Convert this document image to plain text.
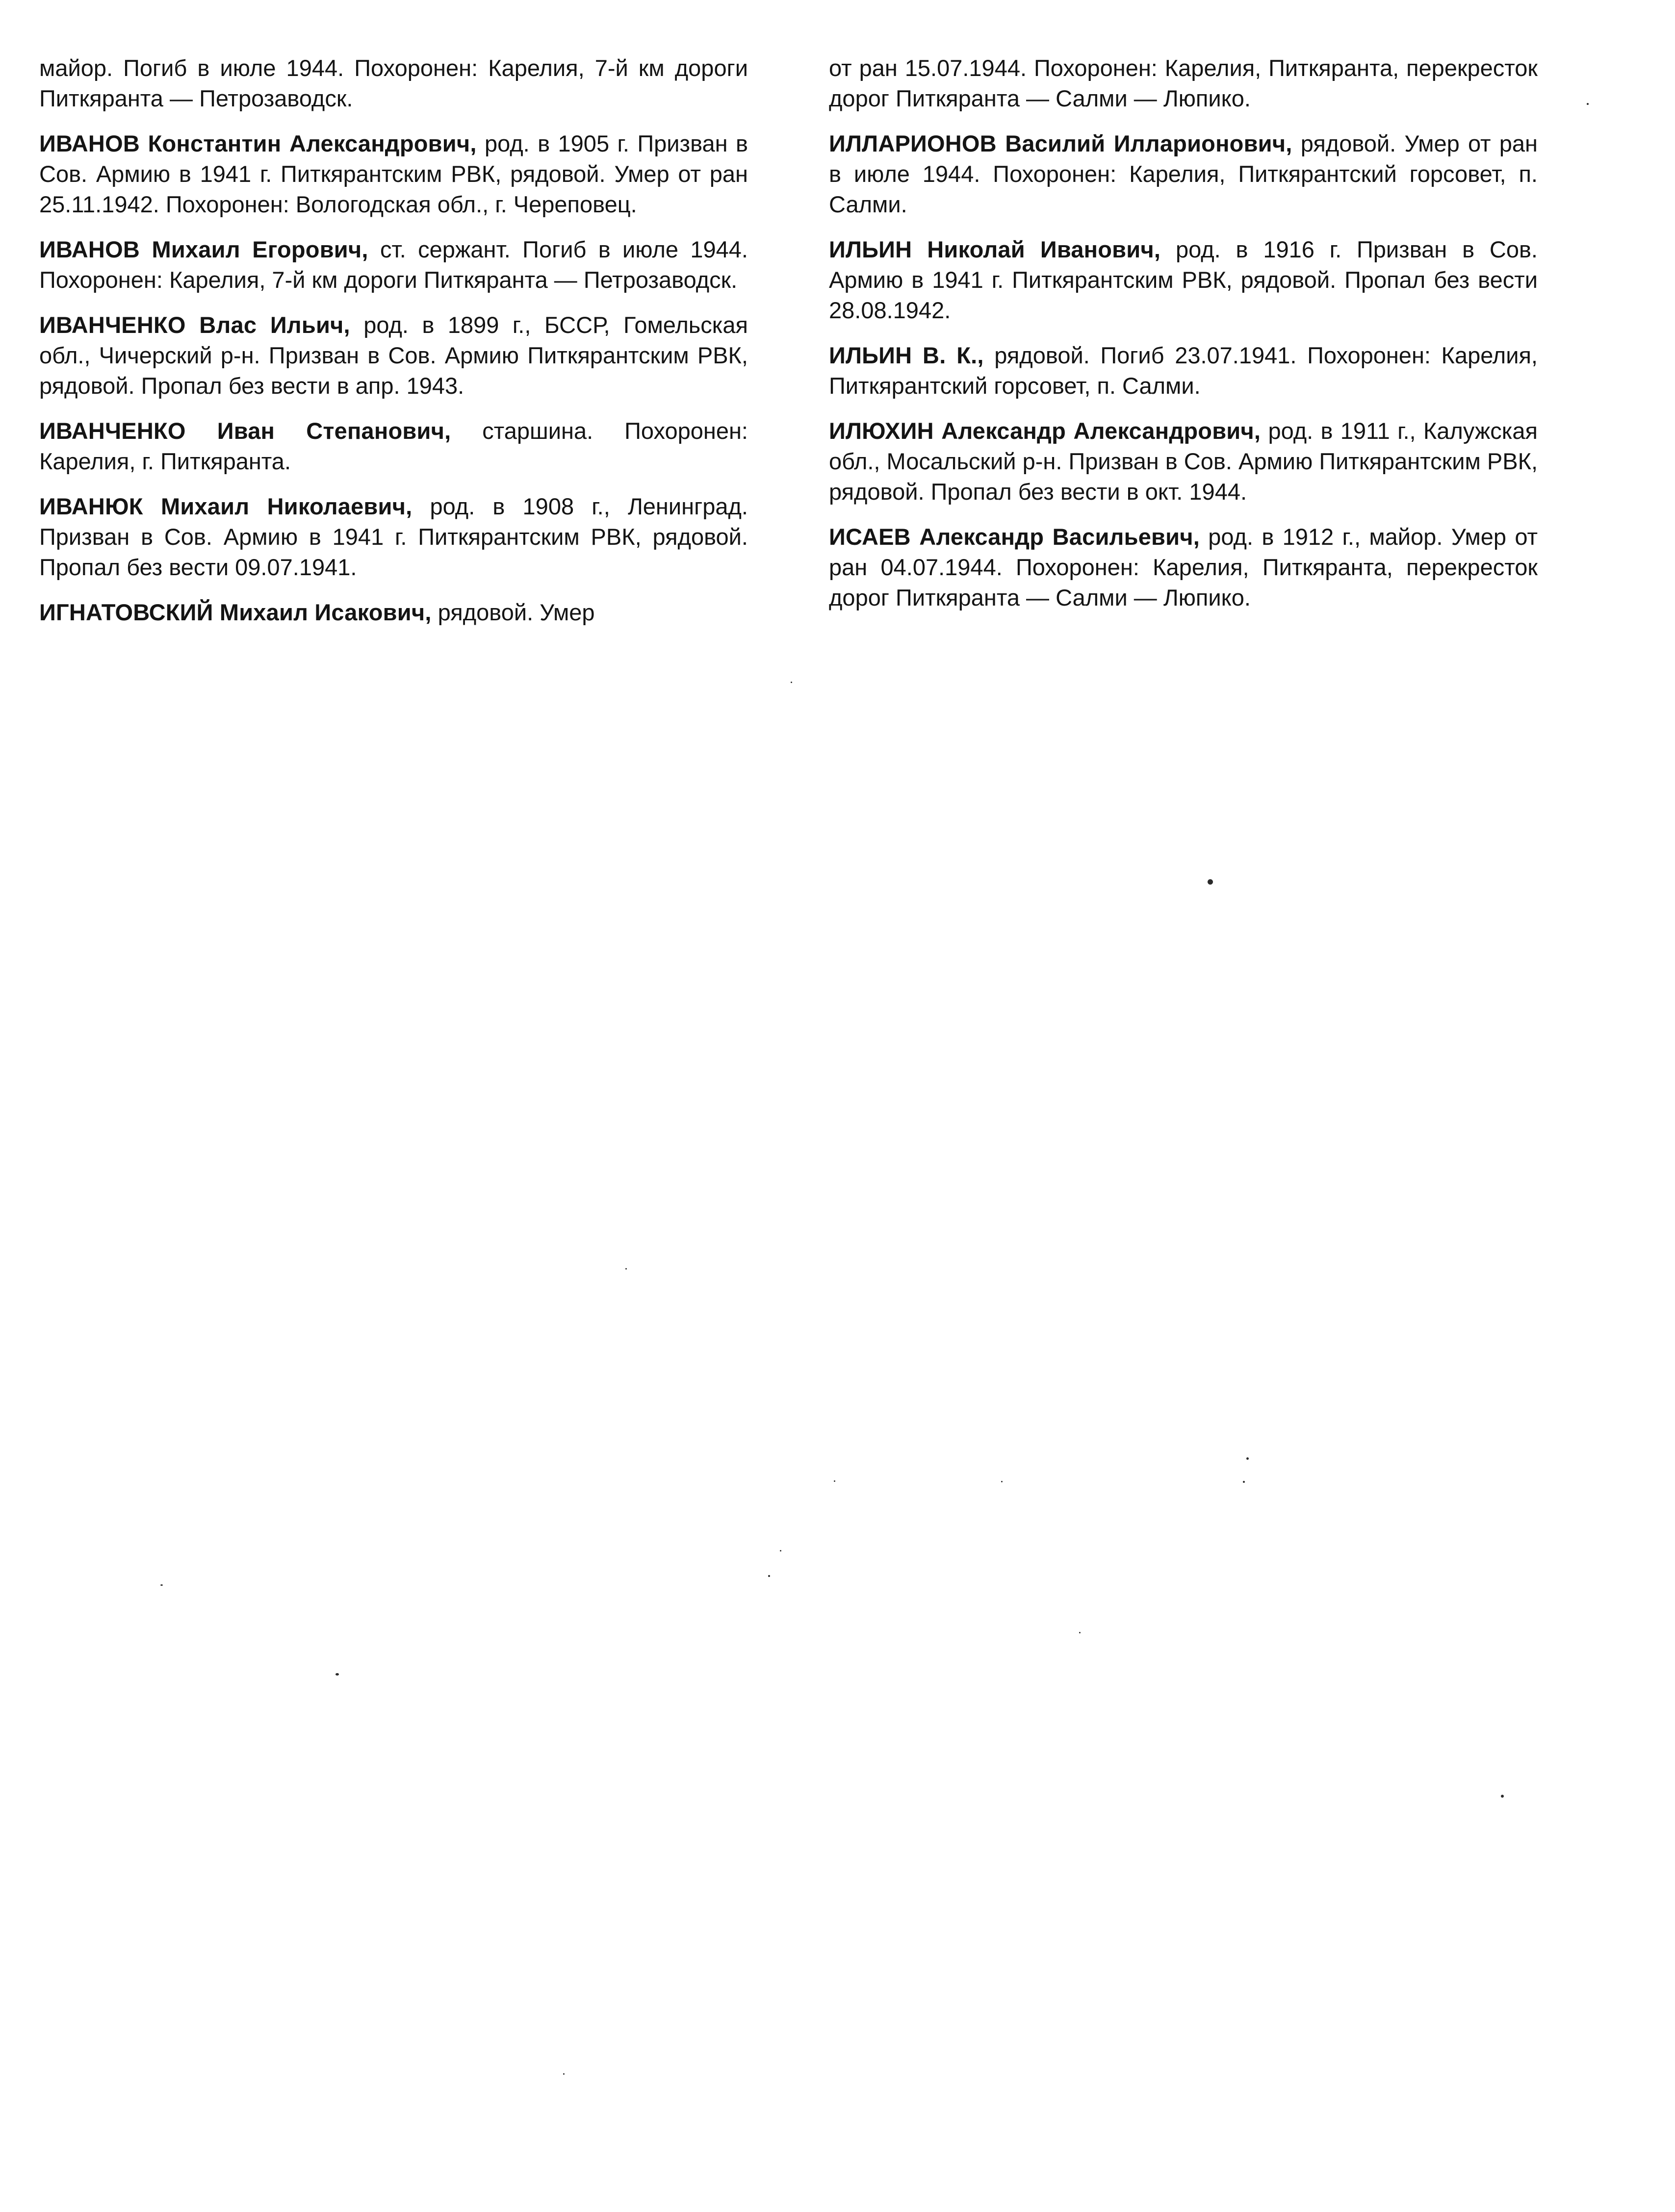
майор. Погиб в июле 1944. Похоронен: Карелия, 7-й км дороги Питкяранта — Петрозаводск.

ИВАНОВ Константин Александрович, род. в 1905 г. Призван в Сов. Армию в 1941 г. Питкярантским РВК, рядовой. Умер от ран 25.11.1942. Похоронен: Вологодская обл., г. Череповец.

ИВАНОВ Михаил Егорович, ст. сержант. Погиб в июле 1944. Похоронен: Карелия, 7-й км дороги Питкяранта — Петрозаводск.

ИВАНЧЕНКО Влас Ильич, род. в 1899 г., БССР, Гомельская обл., Чичерский р-н. Призван в Сов. Армию Питкярантским РВК, рядовой. Пропал без вести в апр. 1943.

ИВАНЧЕНКО Иван Степанович, старшина. Похоронен: Карелия, г. Питкяранта.

ИВАНЮК Михаил Николаевич, род. в 1908 г., Ленинград. Призван в Сов. Армию в 1941 г. Питкярантским РВК, рядовой. Пропал без вести 09.07.1941.

ИГНАТОВСКИЙ Михаил Исакович, рядовой. Умер

от ран 15.07.1944. Похоронен: Карелия, Питкяранта, перекресток дорог Питкяранта — Салми — Люпико.

ИЛЛАРИОНОВ Василий Илларионович, рядовой. Умер от ран в июле 1944. Похоронен: Карелия, Питкярантский горсовет, п. Салми.

ИЛЬИН Николай Иванович, род. в 1916 г. Призван в Сов. Армию в 1941 г. Питкярантским РВК, рядовой. Пропал без вести 28.08.1942.

ИЛЬИН В. К., рядовой. Погиб 23.07.1941. Похоронен: Карелия, Питкярантский горсовет, п. Салми.

ИЛЮХИН Александр Александрович, род. в 1911 г., Калужская обл., Мосальский р-н. Призван в Сов. Армию Питкярантским РВК, рядовой. Пропал без вести в окт. 1944.

ИСАЕВ Александр Васильевич, род. в 1912 г., майор. Умер от ран 04.07.1944. Похоронен: Карелия, Питкяранта, перекресток дорог Питкяранта — Салми — Люпико.
